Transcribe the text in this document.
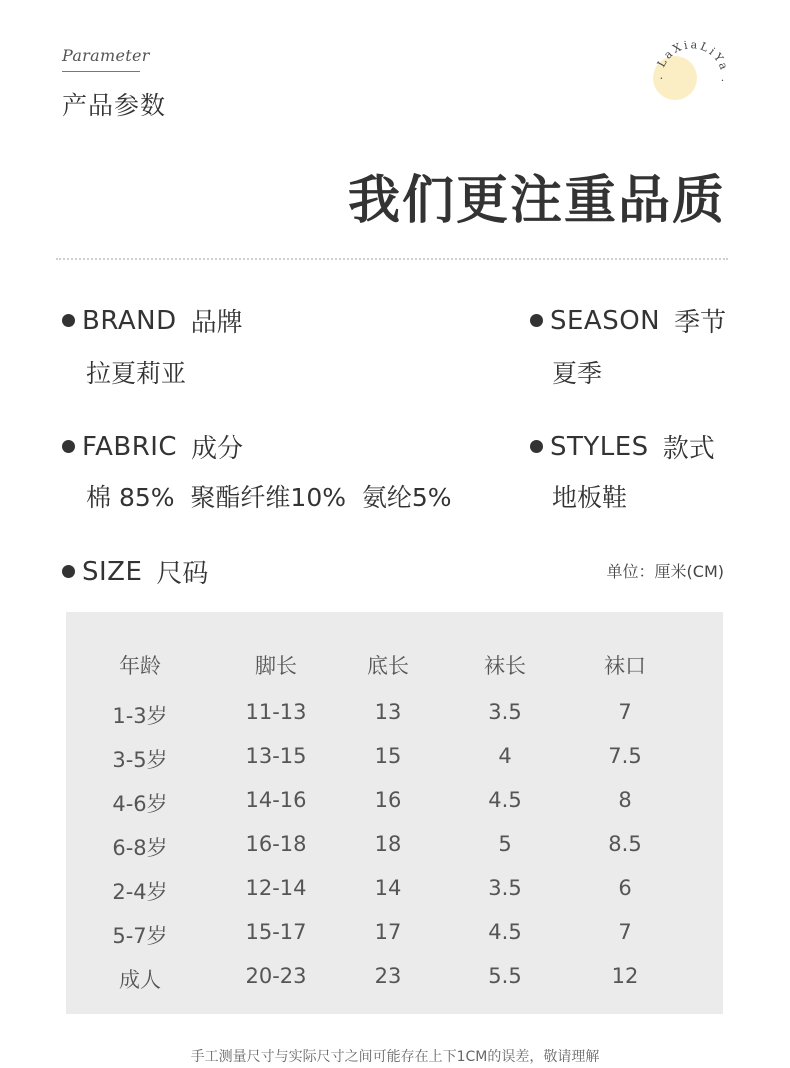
Parameter
产品参数
. LaXiaLiYa .
我们更注重品质
BRAND 品牌
拉夏莉亚
SEASON 季节
夏季
FABRIC 成分
棉 85%  聚酯纤维10%  氨纶5%
STYLES 款式
地板鞋
SIZE 尺码	单位：厘米(CM)
年龄	脚长	底长	袜长	袜口
1-3岁	11-13	13	3.5	7
3-5岁	13-15	15	4	7.5
4-6岁	14-16	16	4.5	8
6-8岁	16-18	18	5	8.5
2-4岁	12-14	14	3.5	6
5-7岁	15-17	17	4.5	7
成人	20-23	23	5.5	12
手工测量尺寸与实际尺寸之间可能存在上下1CM的误差，敬请理解
